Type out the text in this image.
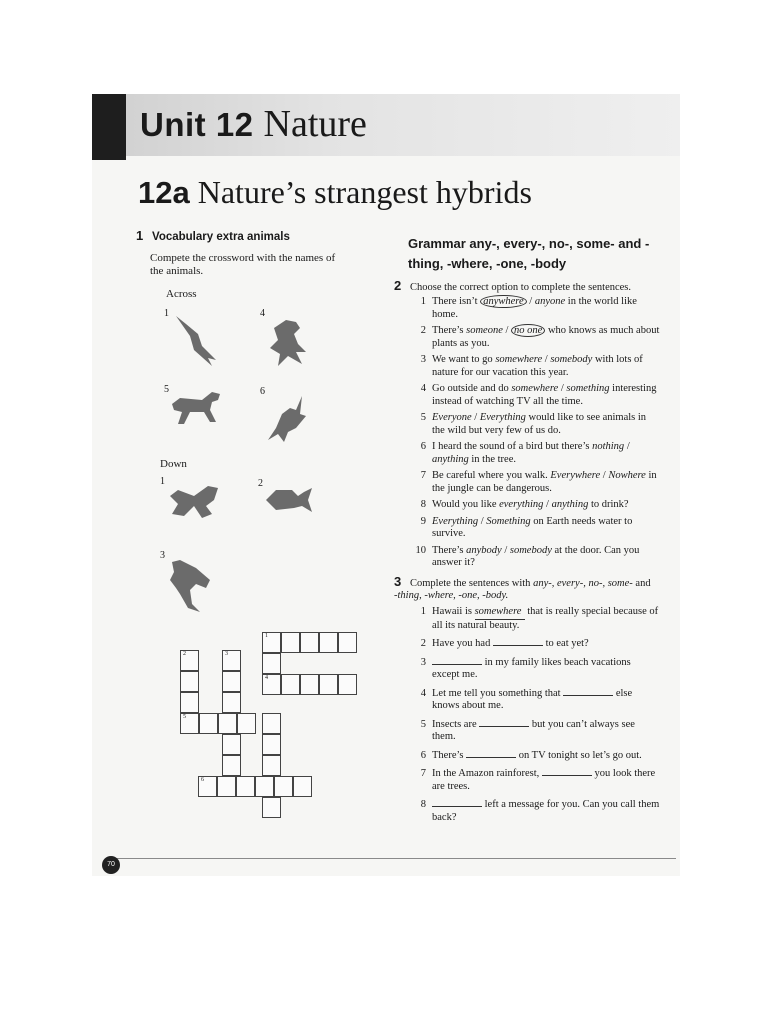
Unit 12 Nature
12a Nature’s strangest hybrids
1 Vocabulary extra animals
Compete the crossword with the names of the animals.
Across
1	4
5	6
Down
1	2
3
1
2	3
4
5
6
Grammar any-, every-, no-, some- and -thing, -where, -one, -body
2 Choose the correct option to complete the sentences.
1 There isn’t anywhere / anyone in the world like home.
2 There’s someone / no one who knows as much about plants as you.
3 We want to go somewhere / somebody with lots of nature for our vacation this year.
4 Go outside and do somewhere / something interesting instead of watching TV all the time.
5 Everyone / Everything would like to see animals in the wild but very few of us do.
6 I heard the sound of a bird but there’s nothing / anything in the tree.
7 Be careful where you walk. Everywhere / Nowhere in the jungle can be dangerous.
8 Would you like everything / anything to drink?
9 Everything / Something on Earth needs water to survive.
10 There’s anybody / somebody at the door. Can you answer it?
3 Complete the sentences with any-, every-, no-, some- and -thing, -where, -one, -body.
1 Hawaii is somewhere that is really special because of all its natural beauty.
2 Have you had	to eat yet?
3	in my family likes beach vacations except me.
4 Let me tell you something that	else knows about me.
5 Insects are	but you can’t always see them.
6 There’s	on TV tonight so let’s go out.
7 In the Amazon rainforest,	you look there are trees.
8	left a message for you. Can you call them back?
70
